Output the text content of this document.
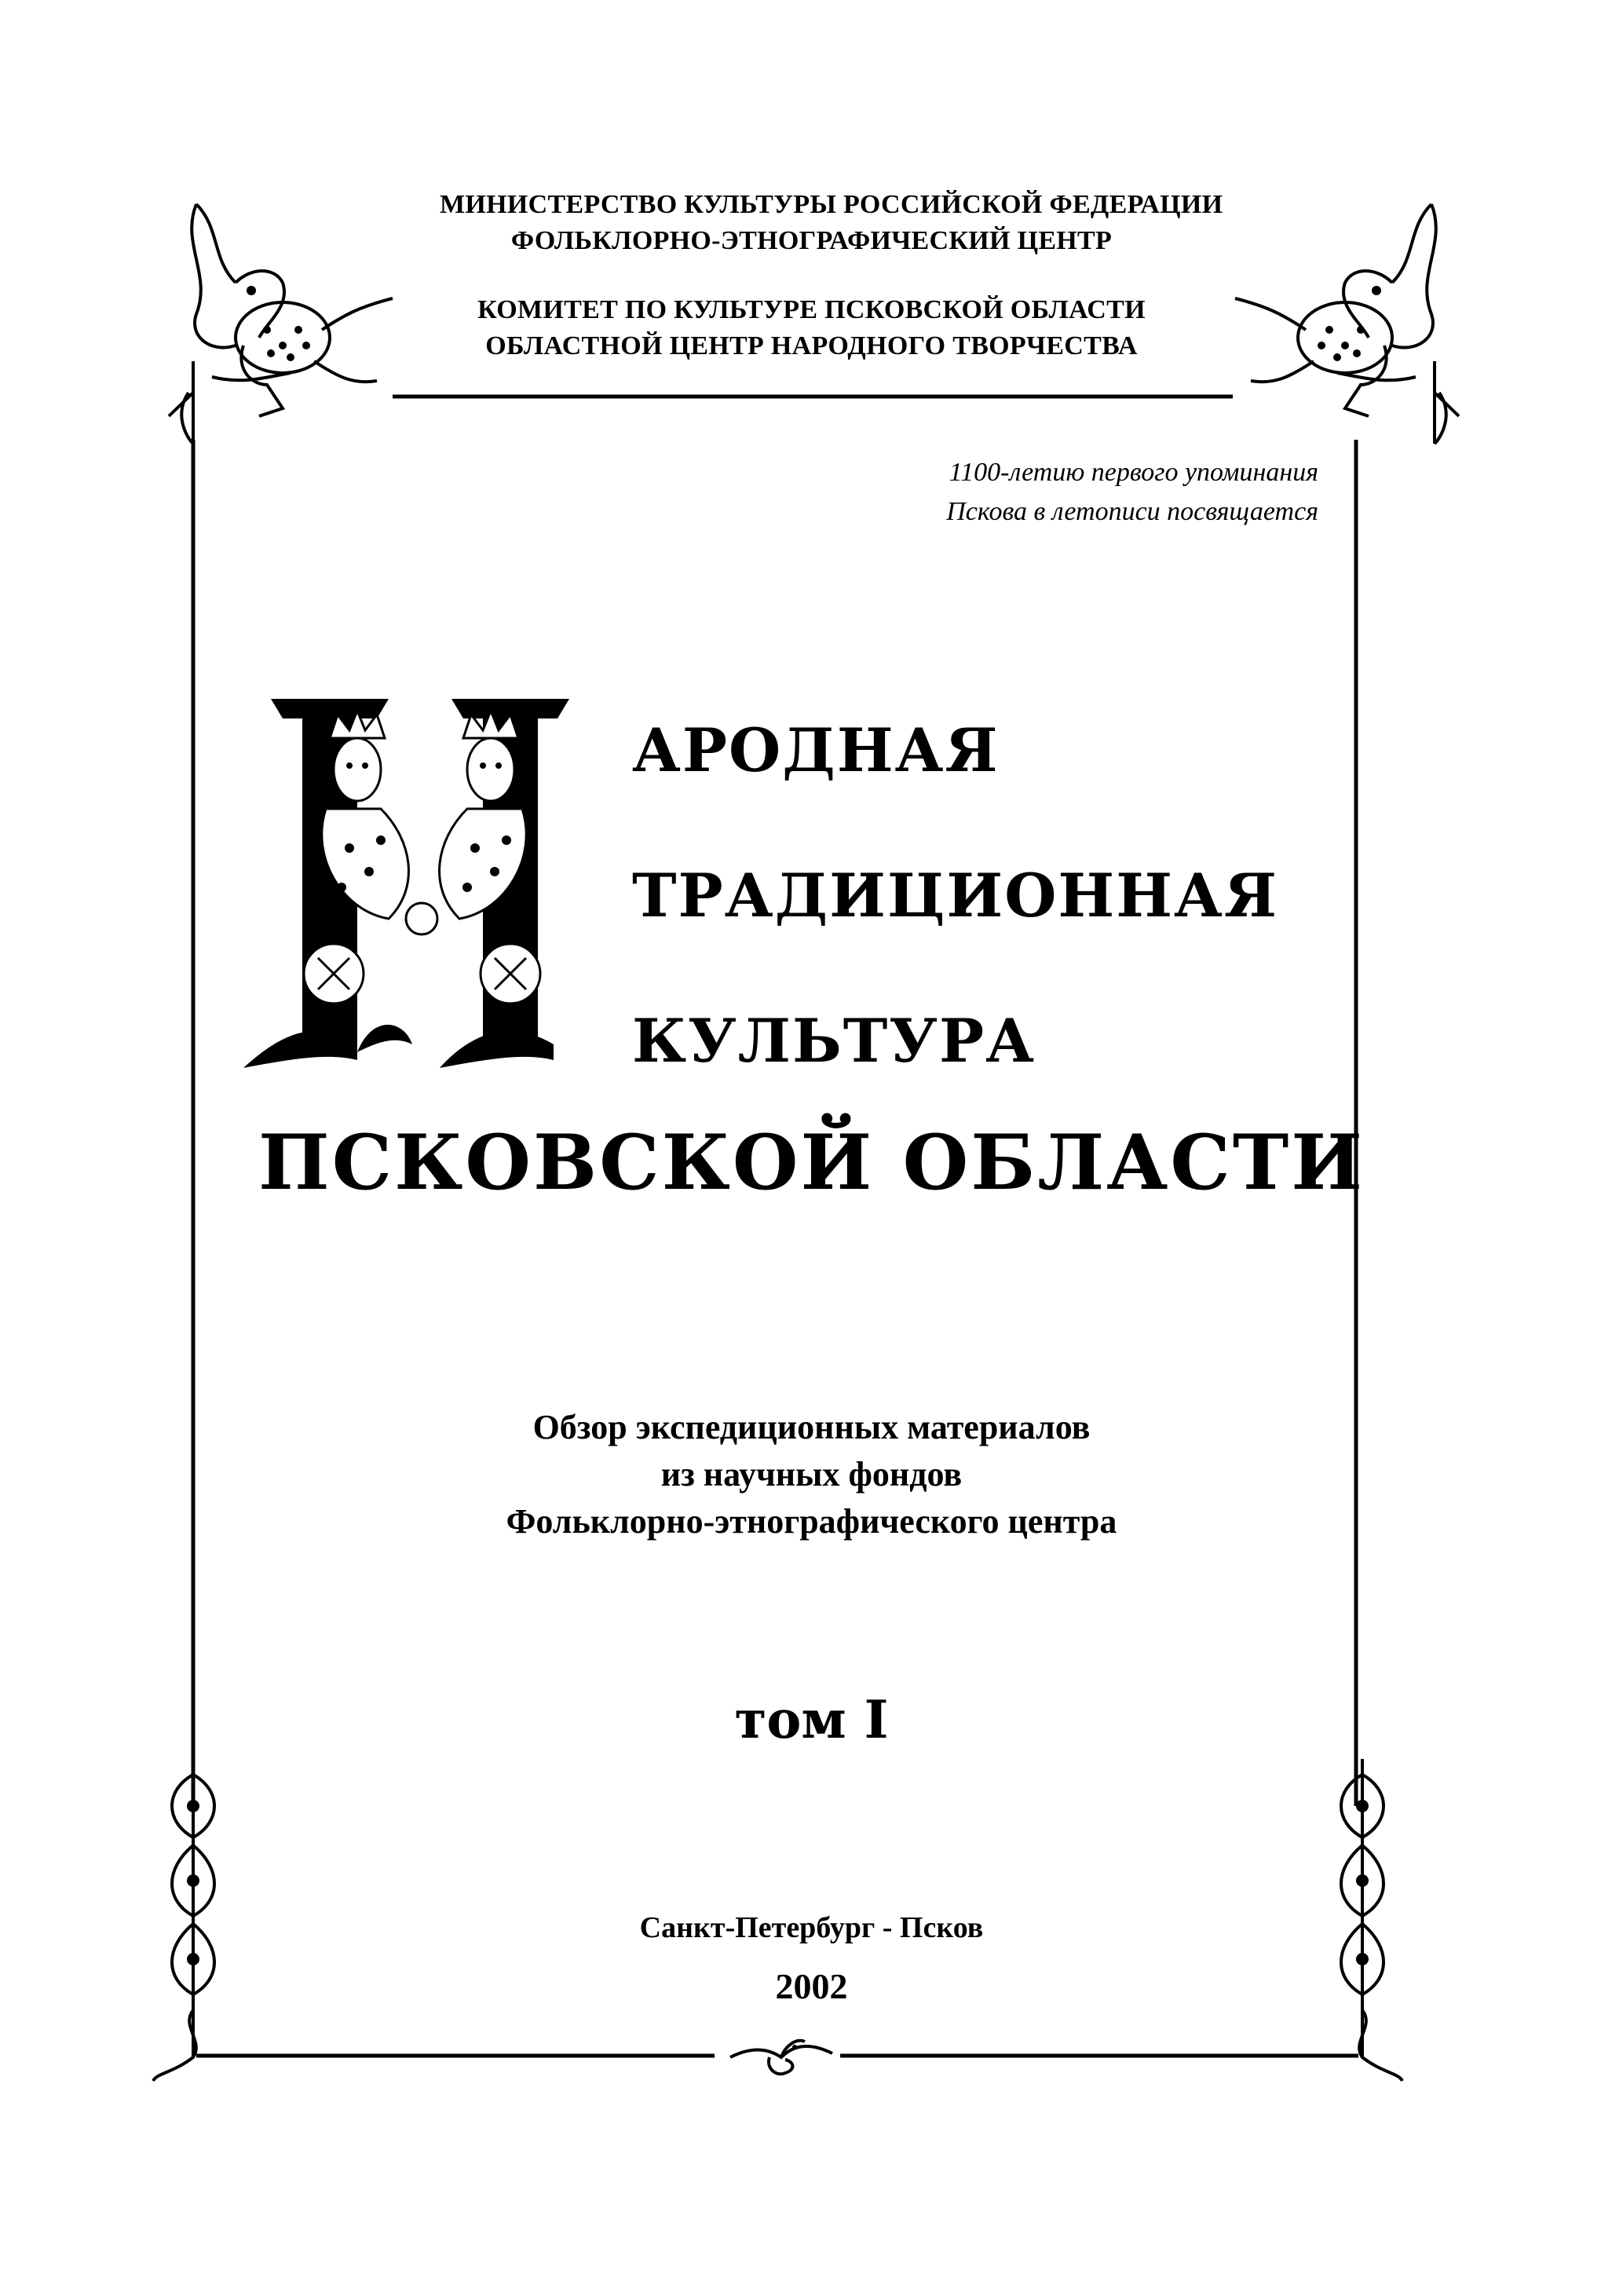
МИНИСТЕРСТВО КУЛЬТУРЫ РОССИЙСКОЙ ФЕДЕРАЦИИ
ФОЛЬКЛОРНО-ЭТНОГРАФИЧЕСКИЙ ЦЕНТР
КОМИТЕТ ПО КУЛЬТУРЕ ПСКОВСКОЙ ОБЛАСТИ
ОБЛАСТНОЙ ЦЕНТР НАРОДНОГО ТВОРЧЕСТВА
1100-летию первого упоминания
Пскова в летописи посвящается
ародная
традиционная
культура
ПСКОВСКОЙ ОБЛАСТИ
Обзор экспедиционных материалов
из научных фондов
Фольклорно-этнографического центра
том I
Санкт-Петербург - Псков
2002
